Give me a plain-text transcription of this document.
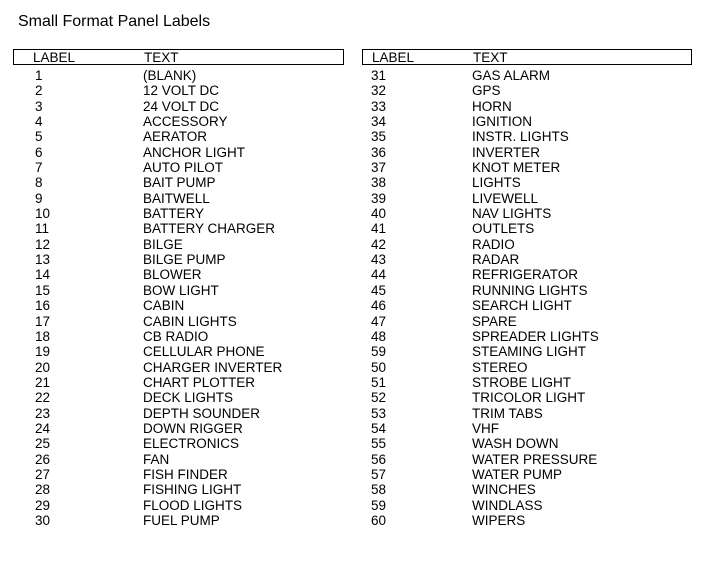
Small Format Panel Labels
LABEL	TEXT
1	(BLANK)
2	12 VOLT DC
3	24 VOLT DC
4	ACCESSORY
5	AERATOR
6	ANCHOR LIGHT
7	AUTO PILOT
8	BAIT PUMP
9	BAITWELL
10	BATTERY
11	BATTERY CHARGER
12	BILGE
13	BILGE PUMP
14	BLOWER
15	BOW LIGHT
16	CABIN
17	CABIN LIGHTS
18	CB RADIO
19	CELLULAR PHONE
20	CHARGER INVERTER
21	CHART PLOTTER
22	DECK LIGHTS
23	DEPTH SOUNDER
24	DOWN RIGGER
25	ELECTRONICS
26	FAN
27	FISH FINDER
28	FISHING LIGHT
29	FLOOD LIGHTS
30	FUEL PUMP
LABEL	TEXT
31	GAS ALARM
32	GPS
33	HORN
34	IGNITION
35	INSTR. LIGHTS
36	INVERTER
37	KNOT METER
38	LIGHTS
39	LIVEWELL
40	NAV LIGHTS
41	OUTLETS
42	RADIO
43	RADAR
44	REFRIGERATOR
45	RUNNING LIGHTS
46	SEARCH LIGHT
47	SPARE
48	SPREADER LIGHTS
59	STEAMING LIGHT
50	STEREO
51	STROBE LIGHT
52	TRICOLOR LIGHT
53	TRIM TABS
54	VHF
55	WASH DOWN
56	WATER PRESSURE
57	WATER PUMP
58	WINCHES
59	WINDLASS
60	WIPERS
